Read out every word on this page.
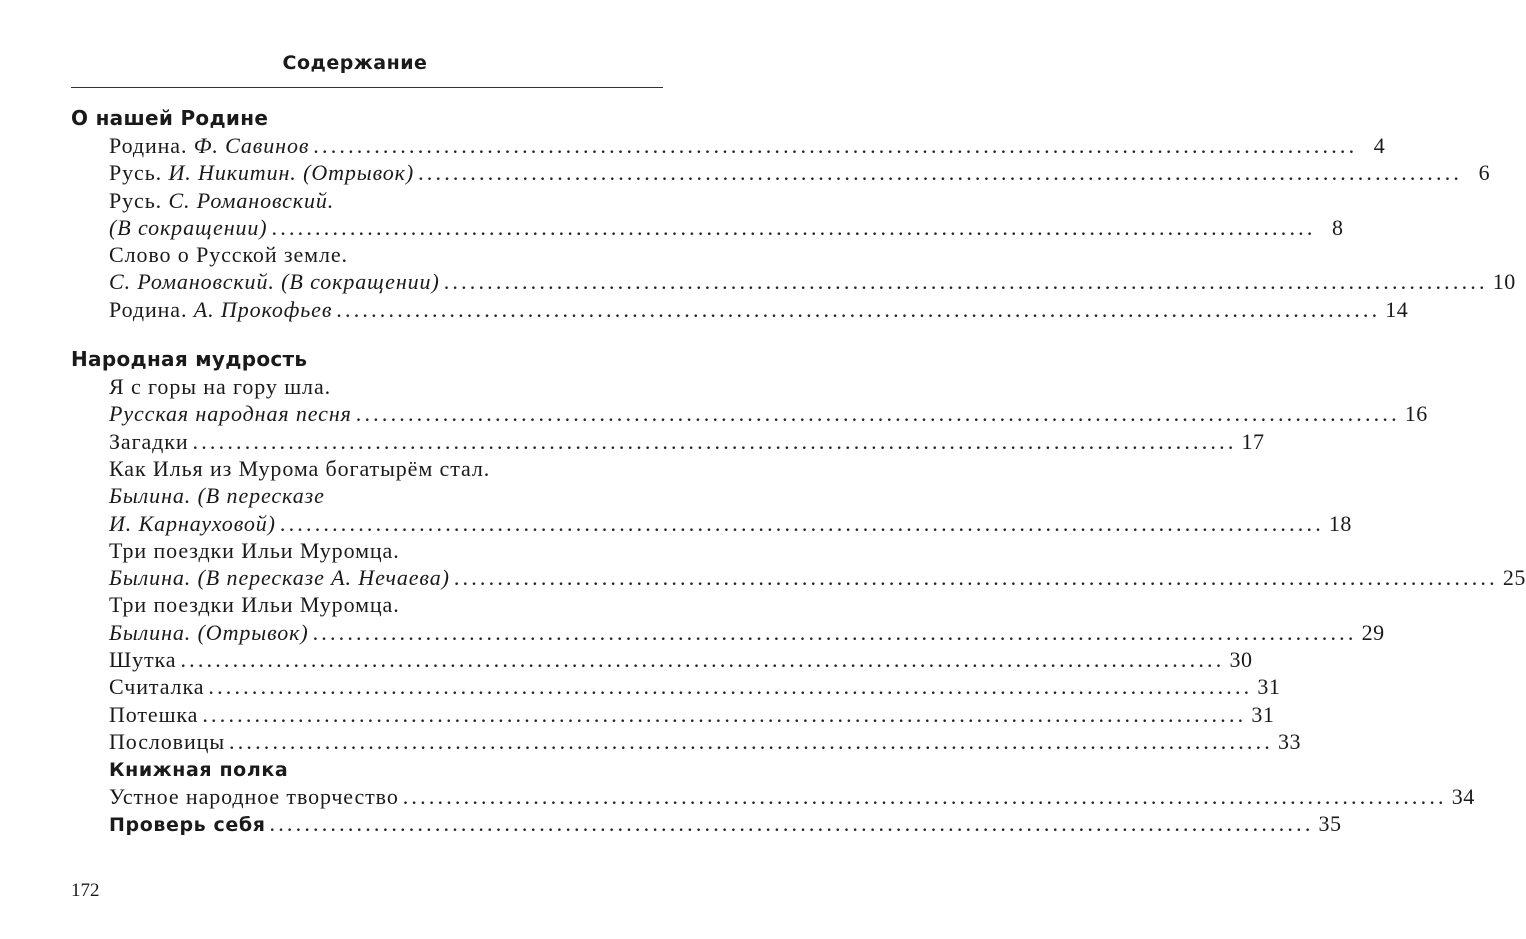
Содержание
О нашей Родине
Родина. Ф. Савинов ........................................................................................................................ 4
Русь. И. Никитин. (Отрывок) ........................................................................................................................ 6
Русь. С. Романовский.
(В сокращении) ........................................................................................................................ 8
Слово о Русской земле.
С. Романовский. (В сокращении) ........................................................................................................................ 10
Родина. А. Прокофьев ........................................................................................................................ 14
Народная мудрость
Я с горы на гору шла.
Русская народная песня ........................................................................................................................ 16
Загадки ........................................................................................................................ 17
Как Илья из Мурома богатырём стал.
Былина. (В пересказе
И. Карнауховой) ........................................................................................................................ 18
Три поездки Ильи Муромца.
Былина. (В пересказе А. Нечаева) ........................................................................................................................ 25
Три поездки Ильи Муромца.
Былина. (Отрывок) ........................................................................................................................ 29
Шутка ........................................................................................................................ 30
Считалка ........................................................................................................................ 31
Потешка ........................................................................................................................ 31
Пословицы ........................................................................................................................ 33
Книжная полка
Устное народное творчество ........................................................................................................................ 34
Проверь себя ........................................................................................................................ 35
172
